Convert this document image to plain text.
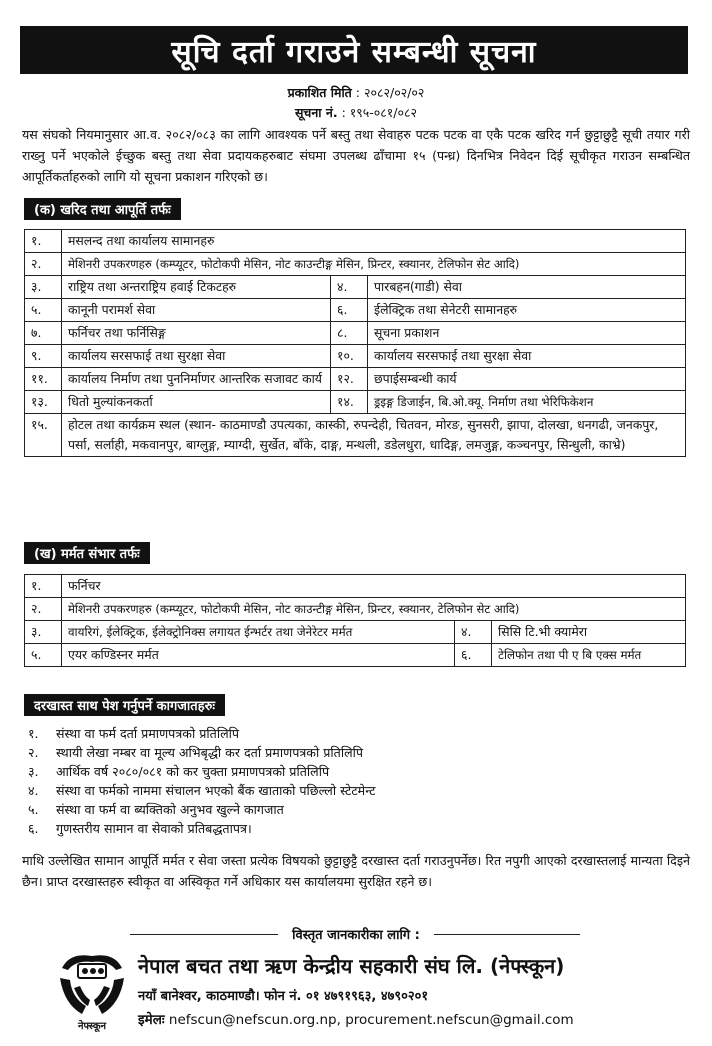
सूचि दर्ता गराउने सम्बन्धी सूचना
प्रकाशित मिति : २०८२/०२/०२
सूचना नं. : १९५-०८१/०८२
यस संघको नियमानुसार आ.व. २०८२/०८३ का लागि आवश्यक पर्ने बस्तु तथा सेवाहरु पटक पटक वा एकै पटक खरिद गर्न छुट्टाछुट्टै सूची तयार गरी राख्नु पर्ने भएकोले ईच्छुक बस्तु तथा सेवा प्रदायकहरुबाट संघमा उपलब्ध ढाँचामा १५ (पन्ध्र) दिनभित्र निवेदन दिई सूचीकृत गराउन सम्बन्धित आपूर्तिकर्ताहरुको लागि यो सूचना प्रकाशन गरिएको छ।
(क) खरिद तथा आपूर्ति तर्फः
१.	मसलन्द तथा कार्यालय सामानहरु		
२.	मेशिनरी उपकरणहरु (कम्प्यूटर, फोटोकपी मेसिन, नोट काउन्टीङ्ग मेसिन, प्रिन्टर, स्क्यानर, टेलिफोन सेट आदि)		
३.	राष्ट्रिय तथा अन्तराष्ट्रिय हवाई टिकटहरु	४.	पारबहन(गाडी) सेवा
५.	कानूनी परामर्श सेवा	६.	ईलेक्ट्रिक तथा सेनेटरी सामानहरु
७.	फर्निचर तथा फर्निसिङ्ग	८.	सूचना प्रकाशन
९.	कार्यालय सरसफाई तथा सुरक्षा सेवा	१०.	कार्यालय सरसफाई तथा सुरक्षा सेवा
११.	कार्यालय निर्माण तथा पुननिर्माणर आन्तरिक सजावट कार्य	१२.	छपाईसम्बन्धी कार्य
१३.	धितो मुल्यांकनकर्ता	१४.	ड्रइङ्ग डिजाईन, बि.ओ.क्यू. निर्माण तथा भेरिफिकेशन
१५.	होटल तथा कार्यक्रम स्थल (स्थान- काठमाण्डौ उपत्यका, कास्की, रुपन्देही, चितवन, मोरङ, सुनसरी, झापा, दोलखा, धनगढी, जनकपुर, पर्सा, सर्लाही, मकवानपुर, बाग्लुङ्ग, म्याग्दी, सुर्खेत, बाँके, दाङ्ग, मन्थली, डडेलधुरा, धादिङ्ग, लमजुङ्ग, कञ्चनपुर, सिन्धुली, काभ्रे)		
(ख) मर्मत संभार तर्फः
१.	फर्निचर		
२.	मेशिनरी उपकरणहरु (कम्प्यूटर, फोटोकपी मेसिन, नोट काउन्टीङ्ग मेसिन, प्रिन्टर, स्क्यानर, टेलिफोन सेट आदि)		
३.	वायरिगं, ईलेक्ट्रिक, ईलेक्ट्रोनिक्स लगायत ईन्भर्टर तथा जेनेरेटर मर्मत	४.	सिसि टि.भी क्यामेरा
५.	एयर कण्डिस्नर मर्मत	६.	टेलिफोन तथा पी ए बि एक्स मर्मत
दरखास्त साथ पेश गर्नुपर्ने कागजातहरुः
१.	संस्था वा फर्म दर्ता प्रमाणपत्रको प्रतिलिपि
२.	स्थायी लेखा नम्बर वा मूल्य अभिबृद्धी कर दर्ता प्रमाणपत्रको प्रतिलिपि
३.	आर्थिक वर्ष २०८०/०८१ को कर चुक्ता प्रमाणपत्रको प्रतिलिपि
४.	संस्था वा फर्मको नाममा संचालन भएको बैंक खाताको पछिल्लो स्टेटमेन्ट
५.	संस्था वा फर्म वा ब्यक्तिको अनुभव खुल्ने कागजात
६.	गुणस्तरीय सामान वा सेवाको प्रतिबद्धतापत्र।
माथि उल्लेखित सामान आपूर्ति मर्मत र सेवा जस्ता प्रत्येक विषयको छुट्टाछुट्टै दरखास्त दर्ता गराउनुपर्नेछ। रित नपुगी आएको दरखास्तलाई मान्यता दिइने छैन। प्राप्त दरखास्तहरु स्वीकृत वा अस्विकृत गर्ने अधिकार यस कार्यालयमा सुरक्षित रहने छ।
विस्तृत जानकारीका लागि :
नेफ्स्कून
नेपाल बचत तथा ऋण केन्द्रीय सहकारी संघ लि. (नेफ्स्कून)
नयाँ बानेश्वर, काठमाण्डौ। फोन नं. ०१ ४७९१९६३, ४७९०२०१
इमेलः nefscun@nefscun.org.np, procurement.nefscun@gmail.com
